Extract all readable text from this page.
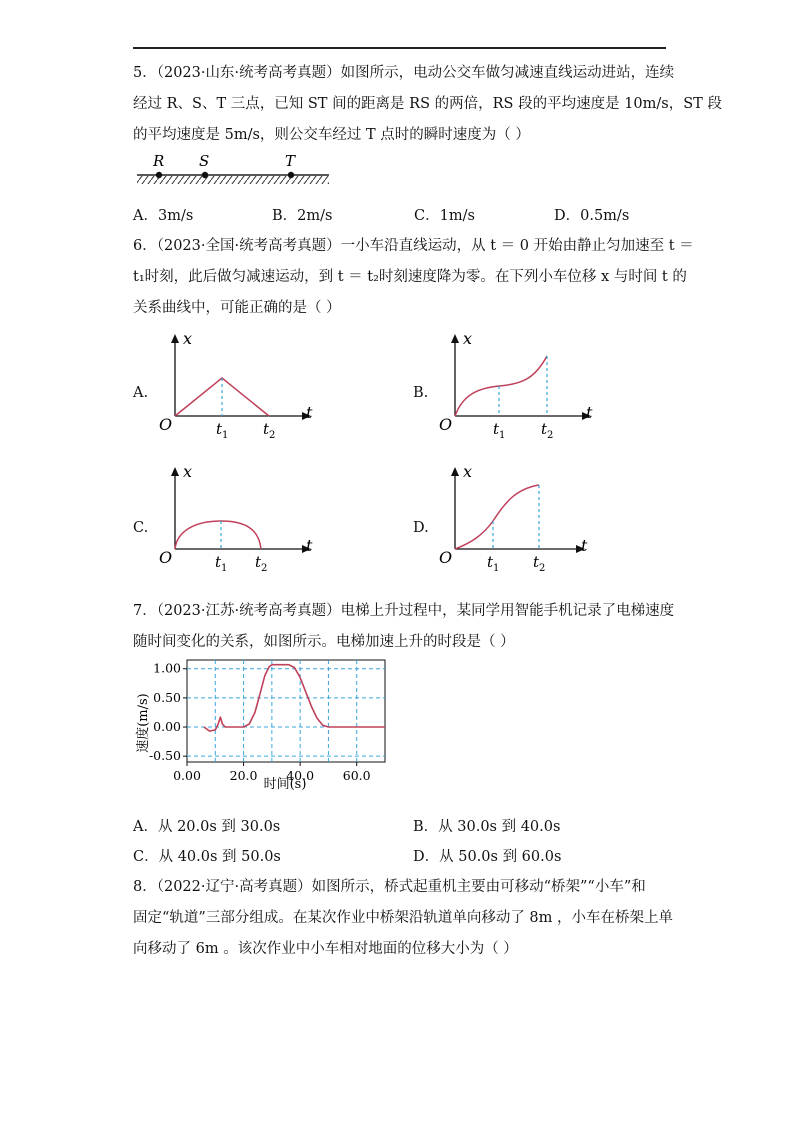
5．（2023·山东·统考高考真题）如图所示，电动公交车做匀减速直线运动进站，连续
经过 R、S、T 三点，已知 ST 间的距离是 RS 的两倍，RS 段的平均速度是 10m/s，ST 段
的平均速度是 5m/s，则公交车经过 T 点时的瞬时速度为（ ）
R S	T
A．3m/s	B．2m/s	C．1m/s	D．0.5m/s
6．（2023·全国·统考高考真题）一小车沿直线运动，从 t ＝ 0 开始由静止匀加速至 t ＝
t₁时刻，此后做匀减速运动，到 t ＝ t₂时刻速度降为零。在下列小车位移 x 与时间 t 的
关系曲线中，可能正确的是（ ）
A.	B.
C.	D.
x
t
O	t 1 t 2
x
t
O	t 1 t 2
x
t
O	t 1 t 2
x
t
O t 1 t 2
7．（2023·江苏·统考高考真题）电梯上升过程中，某同学用智能手机记录了电梯速度
随时间变化的关系，如图所示。电梯加速上升的时段是（ ）
速度(m/s)
时间(s)
1.00
0.50
0.00
-0.50
0.00 20.0 40.0 60.0
A．从 20.0s 到 30.0s	B．从 30.0s 到 40.0s
C．从 40.0s 到 50.0s	D．从 50.0s 到 60.0s
8．（2022·辽宁·高考真题）如图所示，桥式起重机主要由可移动“桥架”“小车”和
固定“轨道”三部分组成。在某次作业中桥架沿轨道单向移动了 8m ，小车在桥架上单
向移动了 6m 。该次作业中小车相对地面的位移大小为（ ）
